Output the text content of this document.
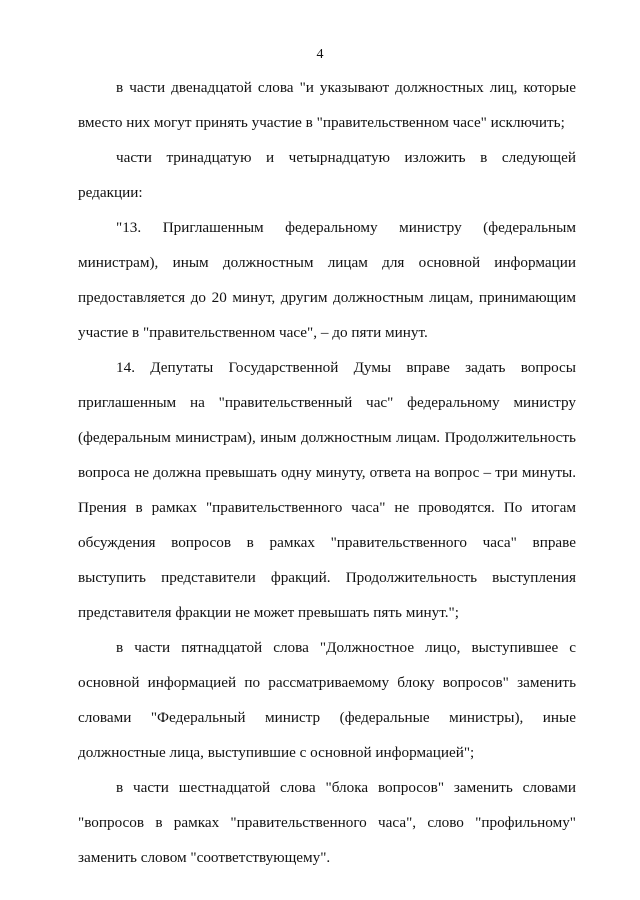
4

в части двенадцатой слова "и указывают должностных лиц, которые вместо них могут принять участие в "правительственном часе" исключить;

части тринадцатую и четырнадцатую изложить в следующей редакции:

"13. Приглашенным федеральному министру (федеральным министрам), иным должностным лицам для основной информации предоставляется до 20 минут, другим должностным лицам, принимающим участие в "правительственном часе", – до пяти минут.

14. Депутаты Государственной Думы вправе задать вопросы приглашенным на "правительственный час" федеральному министру (федеральным министрам), иным должностным лицам. Продолжительность вопроса не должна превышать одну минуту, ответа на вопрос – три минуты. Прения в рамках "правительственного часа" не проводятся. По итогам обсуждения вопросов в рамках "правительственного часа" вправе выступить представители фракций. Продолжительность выступления представителя фракции не может превышать пять минут.";

в части пятнадцатой слова "Должностное лицо, выступившее с основной информацией по рассматриваемому блоку вопросов" заменить словами "Федеральный министр (федеральные министры), иные должностные лица, выступившие с основной информацией";

в части шестнадцатой слова "блока вопросов" заменить словами "вопросов в рамках "правительственного часа", слово "профильному" заменить словом "соответствующему".
